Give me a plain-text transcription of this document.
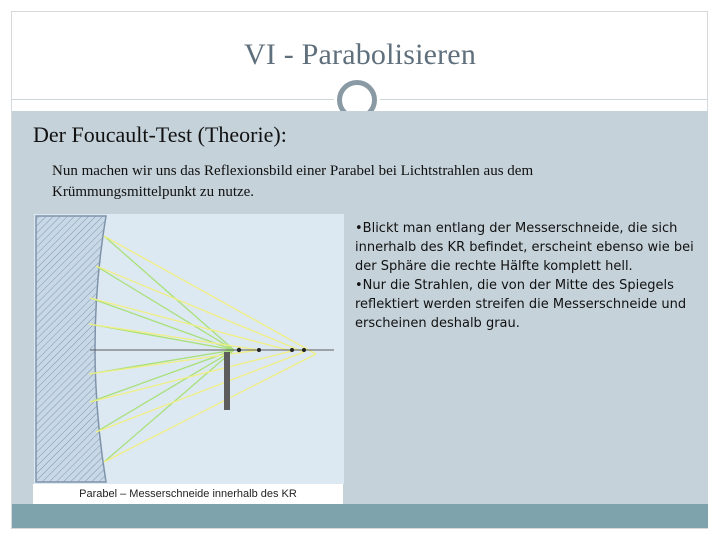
VI - Parabolisieren
Der Foucault-Test (Theorie):
Nun machen wir uns das Reflexionsbild einer Parabel bei Lichtstrahlen aus dem Krümmungsmittelpunkt zu nutze.
Parabel – Messerschneide innerhalb des KR

•Blickt man entlang der Messerschneide, die sich innerhalb des KR befindet, erscheint ebenso wie bei der Sphäre die rechte Hälfte komplett hell.

•Nur die Strahlen, die von der Mitte des Spiegels reflektiert werden streifen die Messerschneide und erscheinen deshalb grau.
